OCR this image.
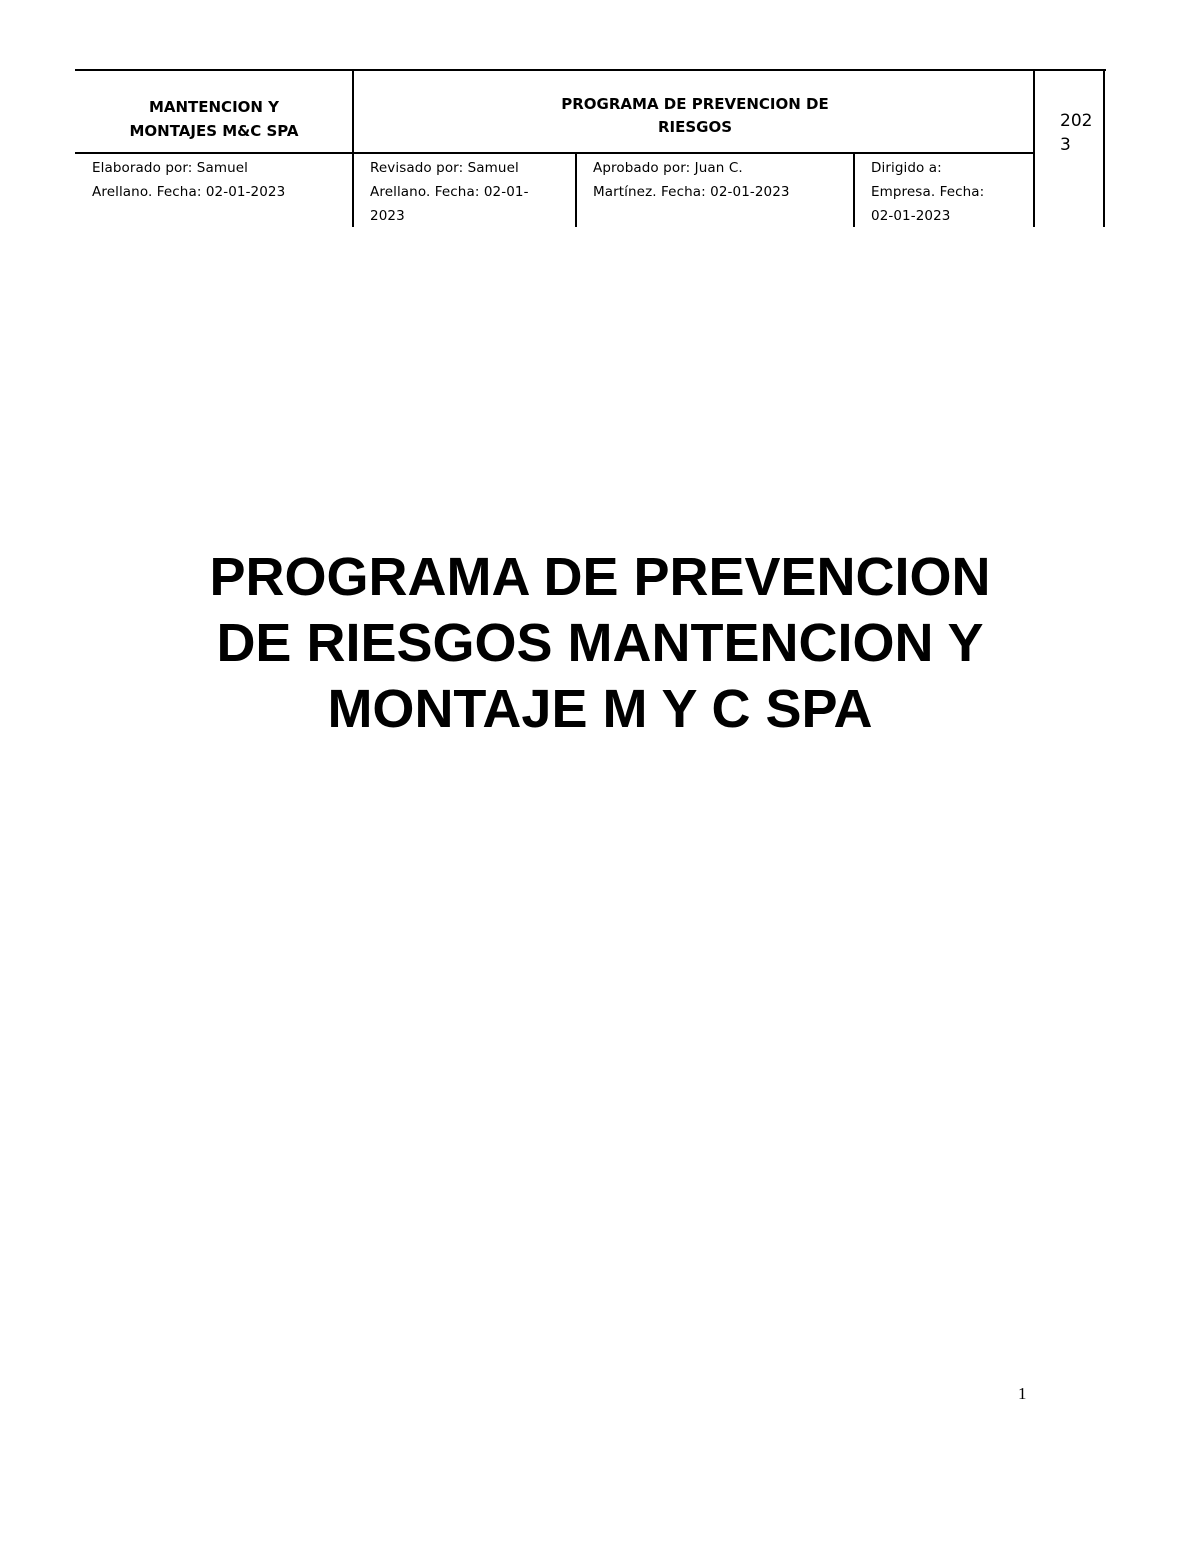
MANTENCION Y
MONTAJES M&C SPA
PROGRAMA DE PREVENCION DE
RIESGOS	2023
Elaborado por: Samuel
Arellano. Fecha: 02-01-2023
Revisado por: Samuel
Arellano. Fecha: 02-01-
2023
Aprobado por: Juan C.
Martínez. Fecha: 02-01-2023
Dirigido a:
Empresa. Fecha:
02-01-2023
PROGRAMA DE PREVENCION
DE RIESGOS MANTENCION Y
MONTAJE M Y C SPA
1
